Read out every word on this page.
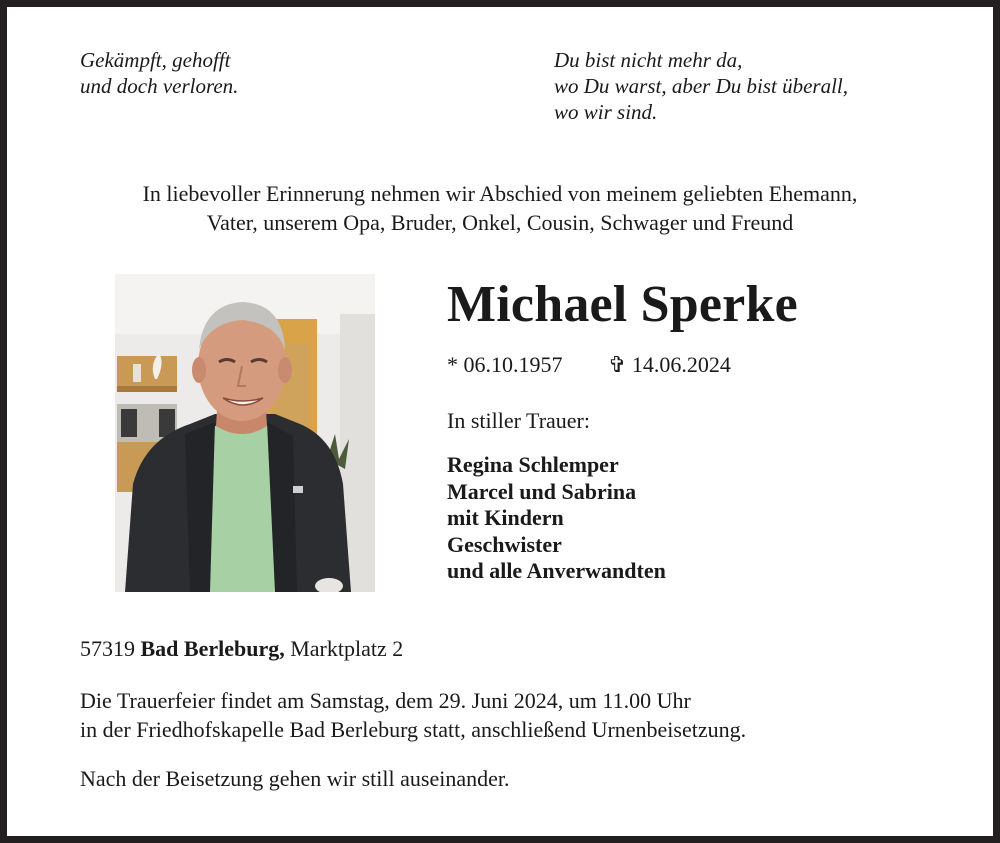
Gekämpft, gehofft
und doch verloren.
Du bist nicht mehr da,
wo Du warst, aber Du bist überall,
wo wir sind.
In liebevoller Erinnerung nehmen wir Abschied von meinem geliebten Ehemann,
Vater, unserem Opa, Bruder, Onkel, Cousin, Schwager und Freund
Michael Sperke
* 06.10.1957 ✞ 14.06.2024
In stiller Trauer:
Regina Schlemper
Marcel und Sabrina
mit Kindern
Geschwister
und alle Anverwandten
57319 Bad Berleburg, Marktplatz 2
Die Trauerfeier findet am Samstag, dem 29. Juni 2024, um 11.00 Uhr
in der Friedhofskapelle Bad Berleburg statt, anschließend Urnenbeisetzung.
Nach der Beisetzung gehen wir still auseinander.
